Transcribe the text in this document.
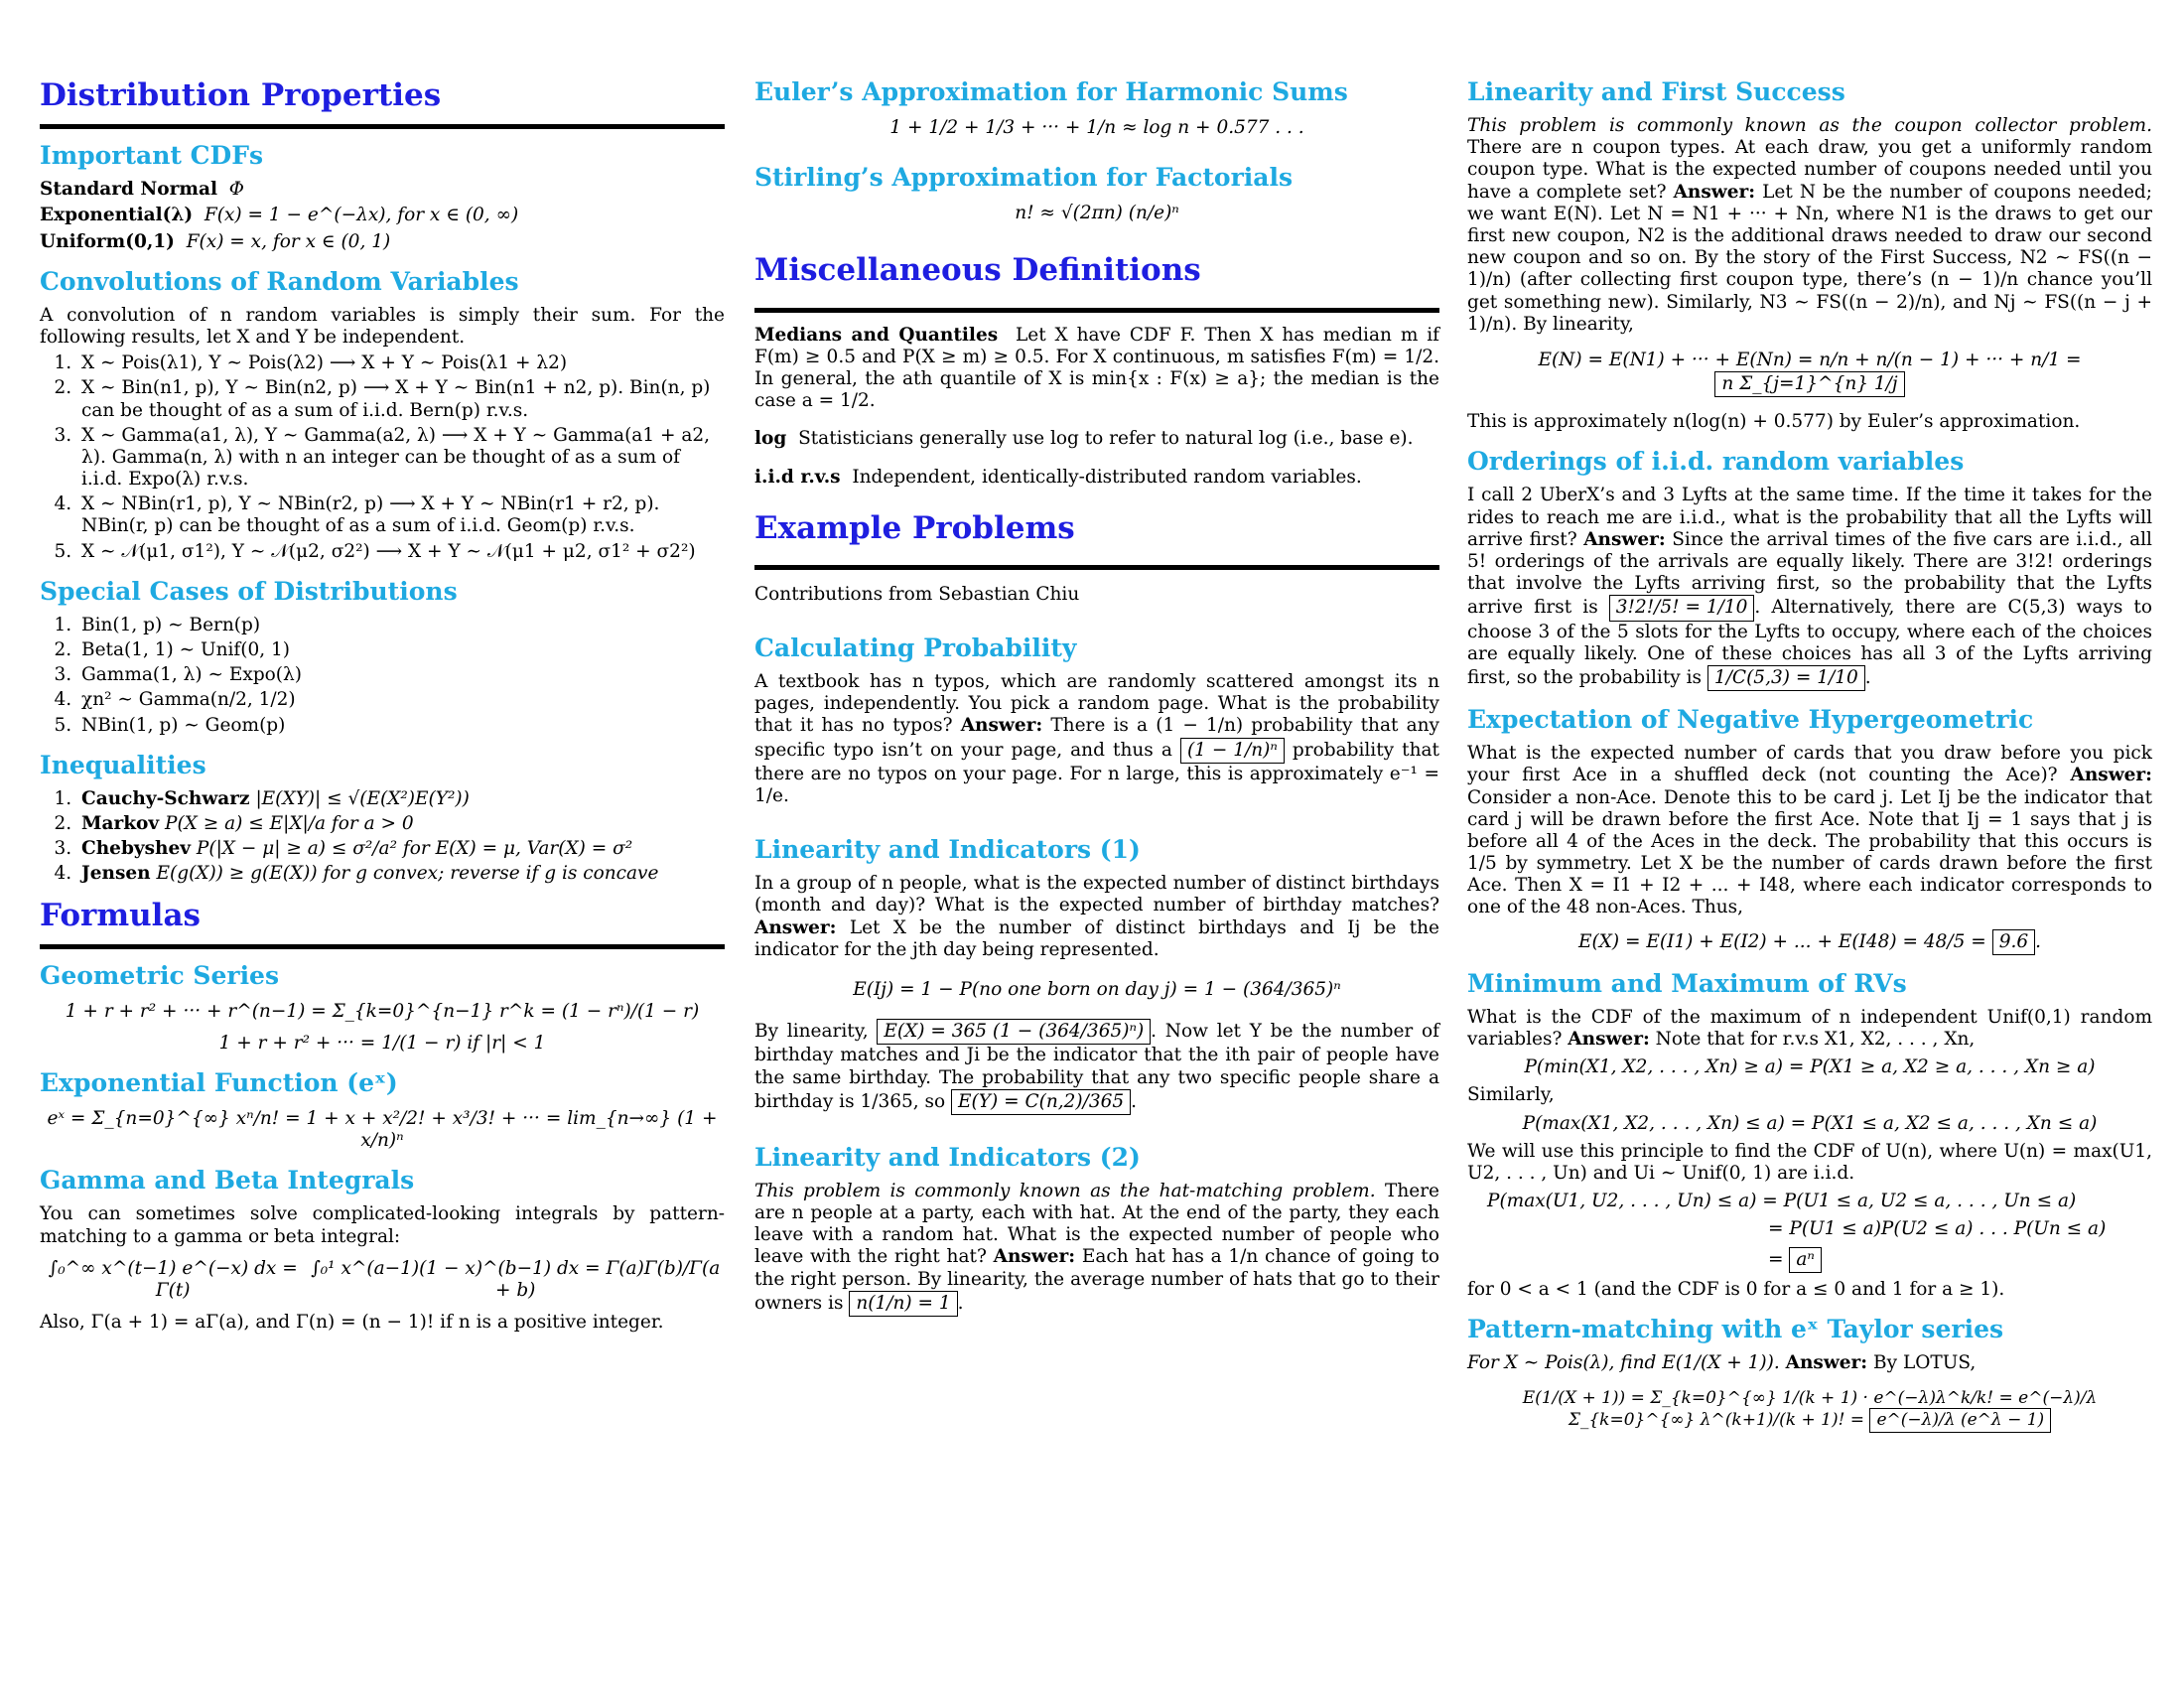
Distribution Properties
Important CDFs
Standard Normal Φ
Exponential(λ) F(x) = 1 − e^(−λx), for x ∈ (0, ∞)
Uniform(0,1) F(x) = x, for x ∈ (0, 1)
Convolutions of Random Variables

A convolution of n random variables is simply their sum. For the following results, let X and Y be independent.

1. X ∼ Pois(λ1), Y ∼ Pois(λ2) ⟶ X + Y ∼ Pois(λ1 + λ2)
2. X ∼ Bin(n1, p), Y ∼ Bin(n2, p) ⟶ X + Y ∼ Bin(n1 + n2, p). Bin(n, p) can be thought of as a sum of i.i.d. Bern(p) r.v.s.
3. X ∼ Gamma(a1, λ), Y ∼ Gamma(a2, λ) ⟶ X + Y ∼ Gamma(a1 + a2, λ). Gamma(n, λ) with n an integer can be thought of as a sum of i.i.d. Expo(λ) r.v.s.
4. X ∼ NBin(r1, p), Y ∼ NBin(r2, p) ⟶ X + Y ∼ NBin(r1 + r2, p). NBin(r, p) can be thought of as a sum of i.i.d. Geom(p) r.v.s.
5. X ∼ 𝒩(μ1, σ1²), Y ∼ 𝒩(μ2, σ2²) ⟶ X + Y ∼ 𝒩(μ1 + μ2, σ1² + σ2²)
Special Cases of Distributions
1. Bin(1, p) ∼ Bern(p)
2. Beta(1, 1) ∼ Unif(0, 1)
3. Gamma(1, λ) ∼ Expo(λ)
4. χn² ∼ Gamma(n/2, 1/2)
5. NBin(1, p) ∼ Geom(p)
Inequalities
1. Cauchy-Schwarz |E(XY)| ≤ √(E(X²)E(Y²))
2. Markov P(X ≥ a) ≤ E|X|/a for a > 0
3. Chebyshev P(|X − μ| ≥ a) ≤ σ²/a² for E(X) = μ, Var(X) = σ²
4. Jensen E(g(X)) ≥ g(E(X)) for g convex; reverse if g is concave
Formulas
Geometric Series
1 + r + r² + ··· + r^(n−1) = Σ_{k=0}^{n−1} r^k = (1 − rⁿ)/(1 − r)
1 + r + r² + ··· = 1/(1 − r) if |r| < 1
Exponential Function (eˣ)
eˣ = Σ_{n=0}^{∞} xⁿ/n! = 1 + x + x²/2! + x³/3! + ··· = lim_{n→∞} (1 + x/n)ⁿ
Gamma and Beta Integrals

You can sometimes solve complicated-looking integrals by pattern-matching to a gamma or beta integral:

∫₀^∞ x^(t−1) e^(−x) dx = Γ(t)
∫₀¹ x^(a−1)(1 − x)^(b−1) dx = Γ(a)Γ(b)/Γ(a + b)

Also, Γ(a + 1) = aΓ(a), and Γ(n) = (n − 1)! if n is a positive integer.

Euler’s Approximation for Harmonic Sums
1 + 1/2 + 1/3 + ··· + 1/n ≈ log n + 0.577 . . .
Stirling’s Approximation for Factorials
n! ≈ √(2πn) (n/e)ⁿ
Miscellaneous Definitions

Medians and Quantiles Let X have CDF F. Then X has median m if F(m) ≥ 0.5 and P(X ≥ m) ≥ 0.5. For X continuous, m satisfies F(m) = 1/2. In general, the ath quantile of X is min{x : F(x) ≥ a}; the median is the case a = 1/2.

log Statisticians generally use log to refer to natural log (i.e., base e).

i.i.d r.v.s Independent, identically-distributed random variables.

Example Problems

Contributions from Sebastian Chiu

Calculating Probability

A textbook has n typos, which are randomly scattered amongst its n pages, independently. You pick a random page. What is the probability that it has no typos? Answer: There is a (1 − 1/n) probability that any specific typo isn’t on your page, and thus a (1 − 1/n)ⁿ probability that there are no typos on your page. For n large, this is approximately e⁻¹ = 1/e.

Linearity and Indicators (1)

In a group of n people, what is the expected number of distinct birthdays (month and day)? What is the expected number of birthday matches? Answer: Let X be the number of distinct birthdays and Ij be the indicator for the jth day being represented.

E(Ij) = 1 − P(no one born on day j) = 1 − (364/365)ⁿ

By linearity, E(X) = 365 (1 − (364/365)ⁿ) . Now let Y be the number of birthday matches and Ji be the indicator that the ith pair of people have the same birthday. The probability that any two specific people share a birthday is 1/365, so E(Y) = C(n,2)/365 .

Linearity and Indicators (2)

This problem is commonly known as the hat-matching problem. There are n people at a party, each with hat. At the end of the party, they each leave with a random hat. What is the expected number of people who leave with the right hat? Answer: Each hat has a 1/n chance of going to the right person. By linearity, the average number of hats that go to their owners is n(1/n) = 1 .

Linearity and First Success

This problem is commonly known as the coupon collector problem. There are n coupon types. At each draw, you get a uniformly random coupon type. What is the expected number of coupons needed until you have a complete set? Answer: Let N be the number of coupons needed; we want E(N). Let N = N1 + ··· + Nn, where N1 is the draws to get our first new coupon, N2 is the additional draws needed to draw our second new coupon and so on. By the story of the First Success, N2 ∼ FS((n − 1)/n) (after collecting first coupon type, there’s (n − 1)/n chance you’ll get something new). Similarly, N3 ∼ FS((n − 2)/n), and Nj ∼ FS((n − j + 1)/n). By linearity,

E(N) = E(N1) + ··· + E(Nn) = n/n + n/(n − 1) + ··· + n/1 = n Σ_{j=1}^{n} 1/j

This is approximately n(log(n) + 0.577) by Euler’s approximation.

Orderings of i.i.d. random variables

I call 2 UberX’s and 3 Lyfts at the same time. If the time it takes for the rides to reach me are i.i.d., what is the probability that all the Lyfts will arrive first? Answer: Since the arrival times of the five cars are i.i.d., all 5! orderings of the arrivals are equally likely. There are 3!2! orderings that involve the Lyfts arriving first, so the probability that the Lyfts arrive first is 3!2!/5! = 1/10 . Alternatively, there are C(5,3) ways to choose 3 of the 5 slots for the Lyfts to occupy, where each of the choices are equally likely. One of these choices has all 3 of the Lyfts arriving first, so the probability is 1/C(5,3) = 1/10 .

Expectation of Negative Hypergeometric

What is the expected number of cards that you draw before you pick your first Ace in a shuffled deck (not counting the Ace)? Answer: Consider a non-Ace. Denote this to be card j. Let Ij be the indicator that card j will be drawn before the first Ace. Note that Ij = 1 says that j is before all 4 of the Aces in the deck. The probability that this occurs is 1/5 by symmetry. Let X be the number of cards drawn before the first Ace. Then X = I1 + I2 + ... + I48, where each indicator corresponds to one of the 48 non-Aces. Thus,

E(X) = E(I1) + E(I2) + ... + E(I48) = 48/5 = 9.6 .
Minimum and Maximum of RVs

What is the CDF of the maximum of n independent Unif(0,1) random variables? Answer: Note that for r.v.s X1, X2, . . . , Xn,

P(min(X1, X2, . . . , Xn) ≥ a) = P(X1 ≥ a, X2 ≥ a, . . . , Xn ≥ a)

Similarly,

P(max(X1, X2, . . . , Xn) ≤ a) = P(X1 ≤ a, X2 ≤ a, . . . , Xn ≤ a)

We will use this principle to find the CDF of U(n), where U(n) = max(U1, U2, . . . , Un) and Ui ∼ Unif(0, 1) are i.i.d.

P(max(U1, U2, . . . , Un) ≤ a) = P(U1 ≤ a, U2 ≤ a, . . . , Un ≤ a)
= P(U1 ≤ a)P(U2 ≤ a) . . . P(Un ≤ a)
= aⁿ

for 0 < a < 1 (and the CDF is 0 for a ≤ 0 and 1 for a ≥ 1).

Pattern-matching with eˣ Taylor series

For X ∼ Pois(λ), find E(1/(X + 1)). Answer: By LOTUS,

E(1/(X + 1)) = Σ_{k=0}^{∞} 1/(k + 1) · e^(−λ)λ^k/k! = e^(−λ)/λ Σ_{k=0}^{∞} λ^(k+1)/(k + 1)! = e^(−λ)/λ (e^λ − 1)
